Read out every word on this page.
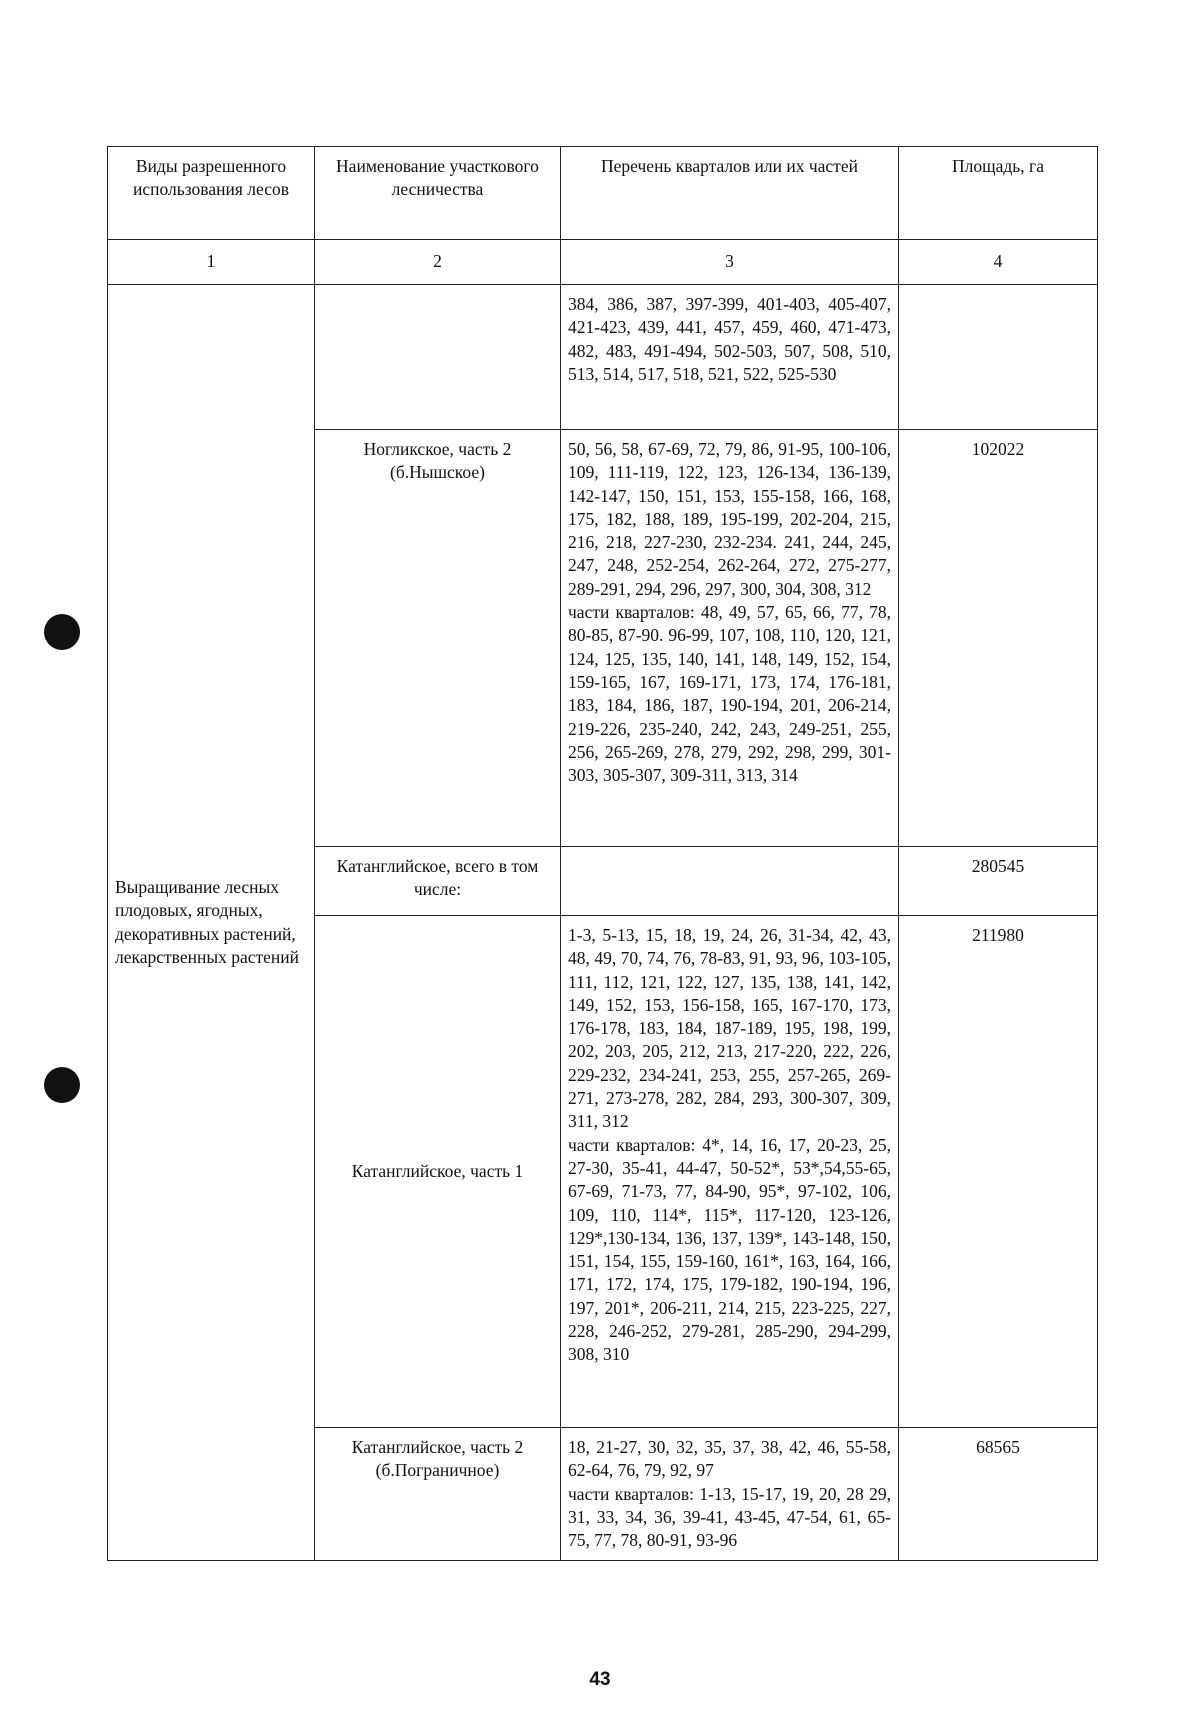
Виды разрешенного использования лесов	Наименование участкового лесничества	Перечень кварталов или их частей	Площадь, га
1	2	3	4
Выращивание лесных плодовых, ягодных, декоративных растений, лекарственных растений		384, 386, 387, 397-399, 401-403, 405-407, 421-423, 439, 441, 457, 459, 460, 471-473, 482, 483, 491-494, 502-503, 507, 508, 510, 513, 514, 517, 518, 521, 522, 525-530	
	Ногликское, часть 2 (б.Нышское)	50, 56, 58, 67-69, 72, 79, 86, 91-95, 100-106, 109, 111-119, 122, 123, 126-134, 136-139, 142-147, 150, 151, 153, 155-158, 166, 168, 175, 182, 188, 189, 195-199, 202-204, 215, 216, 218, 227-230, 232-234. 241, 244, 245, 247, 248, 252-254, 262-264, 272, 275-277, 289-291, 294, 296, 297, 300, 304, 308, 312
части кварталов: 48, 49, 57, 65, 66, 77, 78, 80-85, 87-90. 96-99, 107, 108, 110, 120, 121, 124, 125, 135, 140, 141, 148, 149, 152, 154, 159-165, 167, 169-171, 173, 174, 176-181, 183, 184, 186, 187, 190-194, 201, 206-214, 219-226, 235-240, 242, 243, 249-251, 255, 256, 265-269, 278, 279, 292, 298, 299, 301-303, 305-307, 309-311, 313, 314	102022
	Катанглийское, всего в том числе:		280545
	Катанглийское, часть 1	1-3, 5-13, 15, 18, 19, 24, 26, 31-34, 42, 43, 48, 49, 70, 74, 76, 78-83, 91, 93, 96, 103-105, 111, 112, 121, 122, 127, 135, 138, 141, 142, 149, 152, 153, 156-158, 165, 167-170, 173, 176-178, 183, 184, 187-189, 195, 198, 199, 202, 203, 205, 212, 213, 217-220, 222, 226, 229-232, 234-241, 253, 255, 257-265, 269-271, 273-278, 282, 284, 293, 300-307, 309, 311, 312
части кварталов: 4*, 14, 16, 17, 20-23, 25, 27-30, 35-41, 44-47, 50-52*, 53*,54,55-65, 67-69, 71-73, 77, 84-90, 95*, 97-102, 106, 109, 110, 114*, 115*, 117-120, 123-126, 129*,130-134, 136, 137, 139*, 143-148, 150, 151, 154, 155, 159-160, 161*, 163, 164, 166, 171, 172, 174, 175, 179-182, 190-194, 196, 197, 201*, 206-211, 214, 215, 223-225, 227, 228, 246-252, 279-281, 285-290, 294-299, 308, 310	211980
	Катанглийское, часть 2 (б.Пограничное)	18, 21-27, 30, 32, 35, 37, 38, 42, 46, 55-58, 62-64, 76, 79, 92, 97
части кварталов: 1-13, 15-17, 19, 20, 28 29, 31, 33, 34, 36, 39-41, 43-45, 47-54, 61, 65-75, 77, 78, 80-91, 93-96	68565
43
